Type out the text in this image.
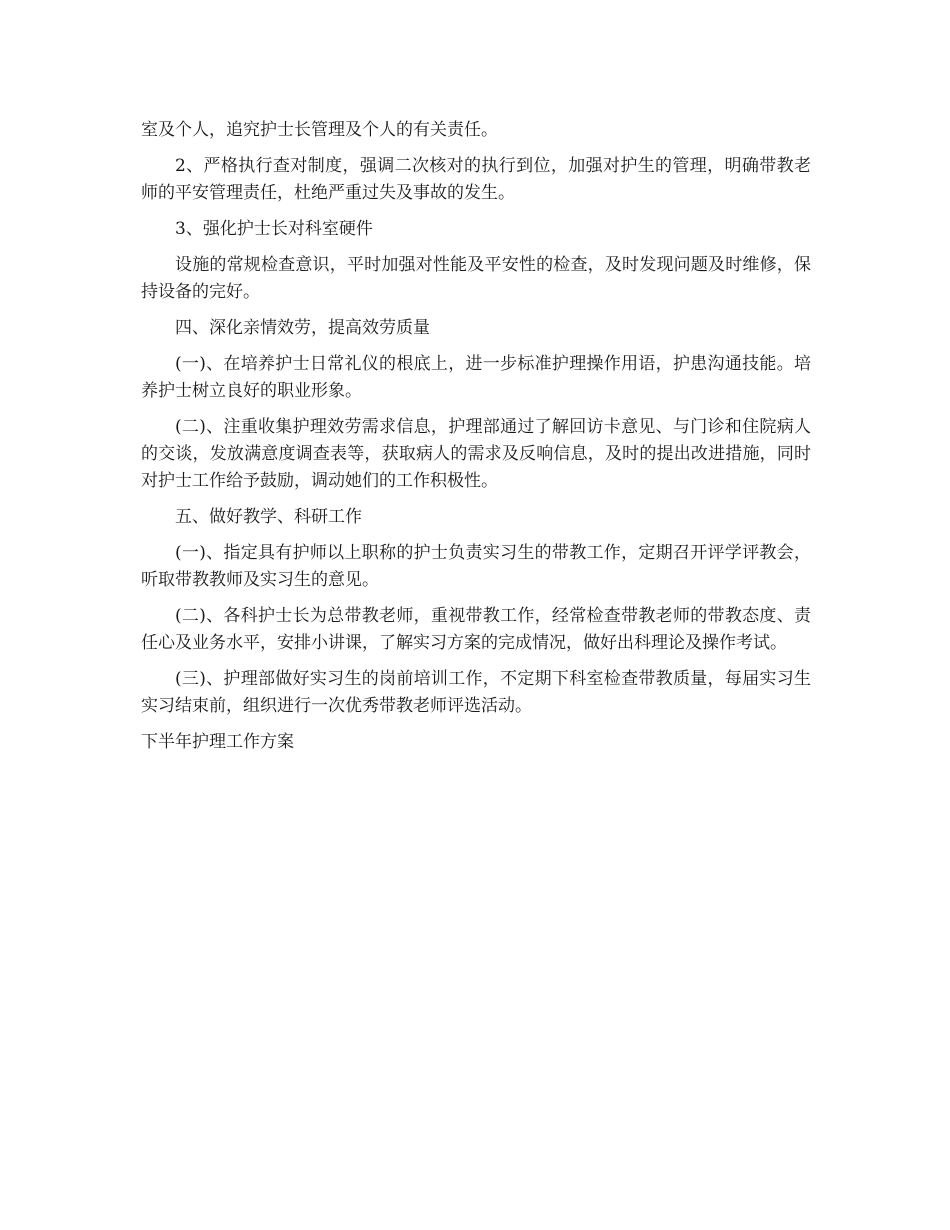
室及个人，追究护士长管理及个人的有关责任。

2、严格执行查对制度，强调二次核对的执行到位，加强对护生的管理，明确带教老师的平安管理责任，杜绝严重过失及事故的发生。

3、强化护士长对科室硬件

设施的常规检查意识，平时加强对性能及平安性的检查，及时发现问题及时维修，保持设备的完好。

四、深化亲情效劳，提高效劳质量

(一)、在培养护士日常礼仪的根底上，进一步标准护理操作用语，护患沟通技能。培养护士树立良好的职业形象。

(二)、注重收集护理效劳需求信息，护理部通过了解回访卡意见、与门诊和住院病人的交谈，发放满意度调查表等，获取病人的需求及反响信息，及时的提出改进措施，同时对护士工作给予鼓励，调动她们的工作积极性。

五、做好教学、科研工作

(一)、指定具有护师以上职称的护士负责实习生的带教工作，定期召开评学评教会，听取带教教师及实习生的意见。

(二)、各科护士长为总带教老师，重视带教工作，经常检查带教老师的带教态度、责任心及业务水平，安排小讲课，了解实习方案的完成情况，做好出科理论及操作考试。

(三)、护理部做好实习生的岗前培训工作，不定期下科室检查带教质量，每届实习生实习结束前，组织进行一次优秀带教老师评选活动。

下半年护理工作方案
